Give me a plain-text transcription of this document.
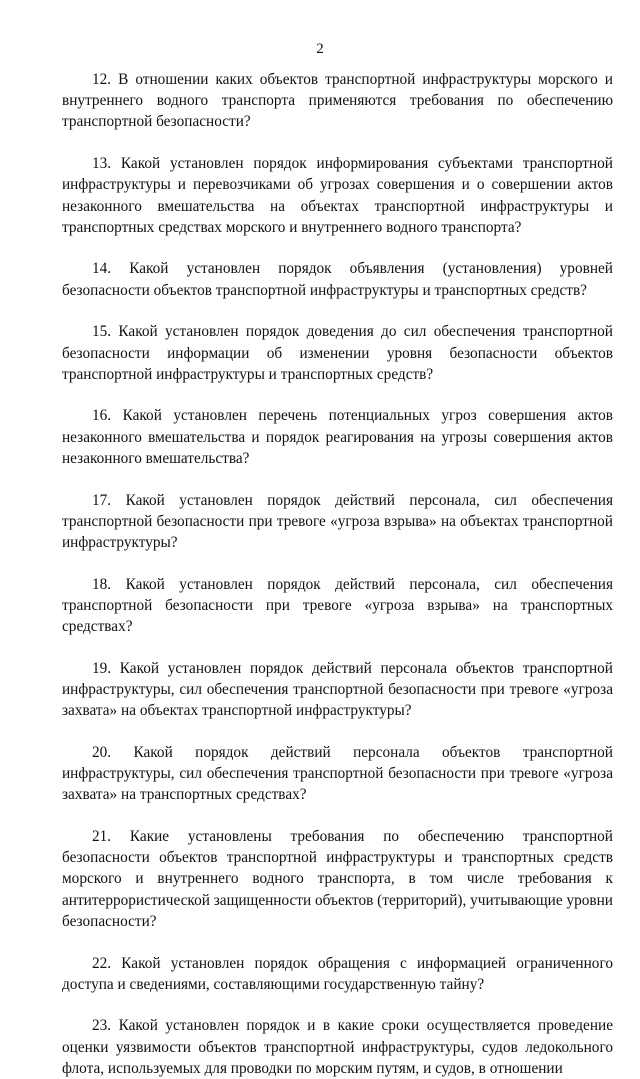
2

12. В отношении каких объектов транспортной инфраструктуры морского и внутреннего водного транспорта применяются требования по обеспечению транспортной безопасности?

13. Какой установлен порядок информирования субъектами транспортной инфраструктуры и перевозчиками об угрозах совершения и о совершении актов незаконного вмешательства на объектах транспортной инфраструктуры и транспортных средствах морского и внутреннего водного транспорта?

14. Какой установлен порядок объявления (установления) уровней безопасности объектов транспортной инфраструктуры и транспортных средств?

15. Какой установлен порядок доведения до сил обеспечения транспортной безопасности информации об изменении уровня безопасности объектов транспортной инфраструктуры и транспортных средств?

16. Какой установлен перечень потенциальных угроз совершения актов незаконного вмешательства и порядок реагирования на угрозы совершения актов незаконного вмешательства?

17. Какой установлен порядок действий персонала, сил обеспечения транспортной безопасности при тревоге «угроза взрыва» на объектах транспортной инфраструктуры?

18. Какой установлен порядок действий персонала, сил обеспечения транспортной безопасности при тревоге «угроза взрыва» на транспортных средствах?

19. Какой установлен порядок действий персонала объектов транспортной инфраструктуры, сил обеспечения транспортной безопасности при тревоге «угроза захвата» на объектах транспортной инфраструктуры?

20. Какой порядок действий персонала объектов транспортной инфраструктуры, сил обеспечения транспортной безопасности при тревоге «угроза захвата» на транспортных средствах?

21. Какие установлены требования по обеспечению транспортной безопасности объектов транспортной инфраструктуры и транспортных средств морского и внутреннего водного транспорта, в том числе требования к антитеррористической защищенности объектов (территорий), учитывающие уровни безопасности?

22. Какой установлен порядок обращения с информацией ограниченного доступа и сведениями, составляющими государственную тайну?

23. Какой установлен порядок и в какие сроки осуществляется проведение оценки уязвимости объектов транспортной инфраструктуры, судов ледокольного флота, используемых для проводки по морским путям, и судов, в отношении
